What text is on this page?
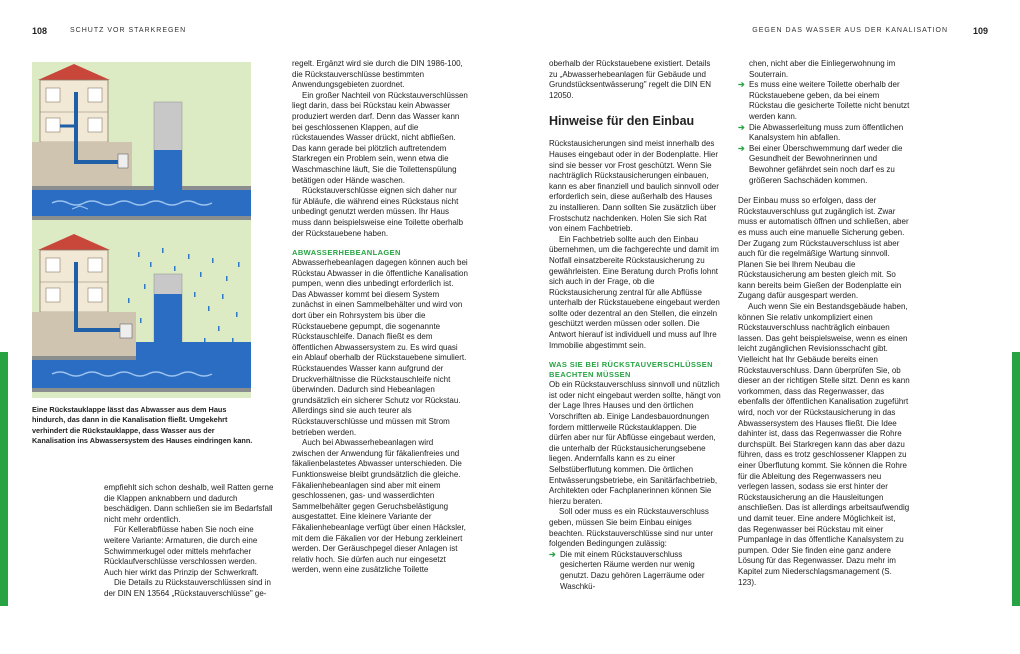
108	SCHUTZ VOR STARKREGEN	GEGEN DAS WASSER AUS DER KANALISATION	109
Eine Rückstauklappe lässt das Abwasser aus dem Haus hindurch, das dann in die Kanalisation fließt. Umgekehrt verhindert die Rückstauklappe, dass Wasser aus der Kanalisation ins Abwassersystem des Hauses eindringen kann.

empfiehlt sich schon deshalb, weil Ratten gerne die Klappen anknabbern und dadurch beschädigen. Dann schließen sie im Bedarfsfall nicht mehr ordentlich.

Für Kellerabflüsse haben Sie noch eine weitere Variante: Armaturen, die durch eine Schwimmerkugel oder mittels mehrfacher Rücklaufverschlüsse verschlossen werden. Auch hier wirkt das Prinzip der Schwerkraft.

Die Details zu Rückstauverschlüssen sind in der DIN EN 13564 „Rückstauverschlüsse" ge-

regelt. Ergänzt wird sie durch die DIN 1986-100, die Rückstauverschlüsse bestimmten Anwendungsgebieten zuordnet.

Ein großer Nachteil von Rückstauverschlüssen liegt darin, dass bei Rückstau kein Abwasser produziert werden darf. Denn das Wasser kann bei geschlossenen Klappen, auf die rückstauendes Wasser drückt, nicht abfließen. Das kann gerade bei plötzlich auftretendem Starkregen ein Problem sein, wenn etwa die Waschmaschine läuft, Sie die Toilettenspülung betätigen oder Hände waschen.

Rückstauverschlüsse eignen sich daher nur für Abläufe, die während eines Rückstaus nicht unbedingt genutzt werden müssen. Ihr Haus muss dann beispielsweise eine Toilette oberhalb der Rückstauebene haben.

ABWASSERHEBEANLAGEN

Abwasserhebeanlagen dagegen können auch bei Rückstau Abwasser in die öffentliche Kanalisation pumpen, wenn dies unbedingt erforderlich ist. Das Abwasser kommt bei diesem System zunächst in einen Sammelbehälter und wird von dort über ein Rohrsystem bis über die Rückstauebene gepumpt, die sogenannte Rückstauschleife. Danach fließt es dem öffentlichen Abwassersystem zu. Es wird quasi ein Ablauf oberhalb der Rückstauebene simuliert. Rückstauendes Wasser kann aufgrund der Druckverhältnisse die Rückstauschleife nicht überwinden. Dadurch sind Hebeanlagen grundsätzlich ein sicherer Schutz vor Rückstau. Allerdings sind sie auch teurer als Rückstauverschlüsse und müssen mit Strom betrieben werden.

Auch bei Abwasserhebeanlagen wird zwischen der Anwendung für fäkalienfreies und fäkalienbelastetes Abwasser unterschieden. Die Funktionsweise bleibt grundsätzlich die gleiche. Fäkalienhebeanlagen sind aber mit einem geschlossenen, gas- und wasserdichten Sammelbehälter gegen Geruchsbelästigung ausgestattet. Eine kleinere Variante der Fäkalienhebeanlage verfügt über einen Häcksler, mit dem die Fäkalien vor der Hebung zerkleinert werden. Der Geräuschpegel dieser Anlagen ist relativ hoch. Sie dürfen auch nur eingesetzt werden, wenn eine zusätzliche Toilette

oberhalb der Rückstauebene existiert. Details zu „Abwasserhebeanlagen für Gebäude und Grundstücksentwässerung" regelt die DIN EN 12050.

Hinweise für den Einbau

Rückstausicherungen sind meist innerhalb des Hauses eingebaut oder in der Bodenplatte. Hier sind sie besser vor Frost geschützt. Wenn Sie nachträglich Rückstausicherungen einbauen, kann es aber finanziell und baulich sinnvoll oder erforderlich sein, diese außerhalb des Hauses zu installieren. Dann sollten Sie zusätzlich über Frostschutz nachdenken. Holen Sie sich Rat von einem Fachbetrieb.

Ein Fachbetrieb sollte auch den Einbau übernehmen, um die fachgerechte und damit im Notfall einsatzbereite Rückstausicherung zu gewährleisten. Eine Beratung durch Profis lohnt sich auch in der Frage, ob die Rückstausicherung zentral für alle Abflüsse unterhalb der Rückstauebene eingebaut werden sollte oder dezentral an den Stellen, die einzeln geschützt werden müssen oder sollen. Die Antwort hierauf ist individuell und muss auf Ihre Immobilie abgestimmt sein.

WAS SIE BEI RÜCKSTAUVERSCHLÜSSEN BEACHTEN MÜSSEN

Ob ein Rückstauverschluss sinnvoll und nützlich ist oder nicht eingebaut werden sollte, hängt von der Lage Ihres Hauses und den örtlichen Vorschriften ab. Einige Landesbauordnungen fordern mittlerweile Rückstauklappen. Die dürfen aber nur für Abflüsse eingebaut werden, die unterhalb der Rückstausicherungsebene liegen. Andernfalls kann es zu einer Selbstüberflutung kommen. Die örtlichen Entwässerungsbetriebe, ein Sanitärfachbetrieb, Architekten oder Fachplanerinnen können Sie hierzu beraten.

Soll oder muss es ein Rückstauverschluss geben, müssen Sie beim Einbau einiges beachten. Rückstauverschlüsse sind nur unter folgenden Bedingungen zulässig:

➔ Die mit einem Rückstauverschluss gesicherten Räume werden nur wenig genutzt. Dazu gehören Lagerräume oder Waschkü-

chen, nicht aber die Einliegerwohnung im Souterrain.

➔ Es muss eine weitere Toilette oberhalb der Rückstauebene geben, da bei einem Rückstau die gesicherte Toilette nicht benutzt werden kann.
➔ Die Abwasserleitung muss zum öffentlichen Kanalsystem hin abfallen.
➔ Bei einer Überschwemmung darf weder die Gesundheit der Bewohnerinnen und Bewohner gefährdet sein noch darf es zu größeren Sachschäden kommen.

Der Einbau muss so erfolgen, dass der Rückstauverschluss gut zugänglich ist. Zwar muss er automatisch öffnen und schließen, aber es muss auch eine manuelle Sicherung geben. Der Zugang zum Rückstauverschluss ist aber auch für die regelmäßige Wartung sinnvoll. Planen Sie bei Ihrem Neubau die Rückstausicherung am besten gleich mit. So kann bereits beim Gießen der Bodenplatte ein Zugang dafür ausgespart werden.

Auch wenn Sie ein Bestandsgebäude haben, können Sie relativ unkompliziert einen Rückstauverschluss nachträglich einbauen lassen. Das geht beispielsweise, wenn es einen leicht zugänglichen Revisionsschacht gibt. Vielleicht hat Ihr Gebäude bereits einen Rückstauverschluss. Dann überprüfen Sie, ob dieser an der richtigen Stelle sitzt. Denn es kann vorkommen, dass das Regenwasser, das ebenfalls der öffentlichen Kanalisation zugeführt wird, noch vor der Rückstausicherung in das Abwassersystem des Hauses fließt. Die Idee dahinter ist, dass das Regenwasser die Rohre durchspült. Bei Starkregen kann das aber dazu führen, dass es trotz geschlossener Klappen zu einer Überflutung kommt. Sie können die Rohre für die Ableitung des Regenwassers neu verlegen lassen, sodass sie erst hinter der Rückstausicherung an die Hausleitungen anschließen. Das ist allerdings arbeitsaufwendig und damit teuer. Eine andere Möglichkeit ist, das Regenwasser bei Rückstau mit einer Pumpanlage in das öffentliche Kanalsystem zu pumpen. Oder Sie finden eine ganz andere Lösung für das Regenwasser. Dazu mehr im Kapitel zum Niederschlagsmanagement (S. 123).
